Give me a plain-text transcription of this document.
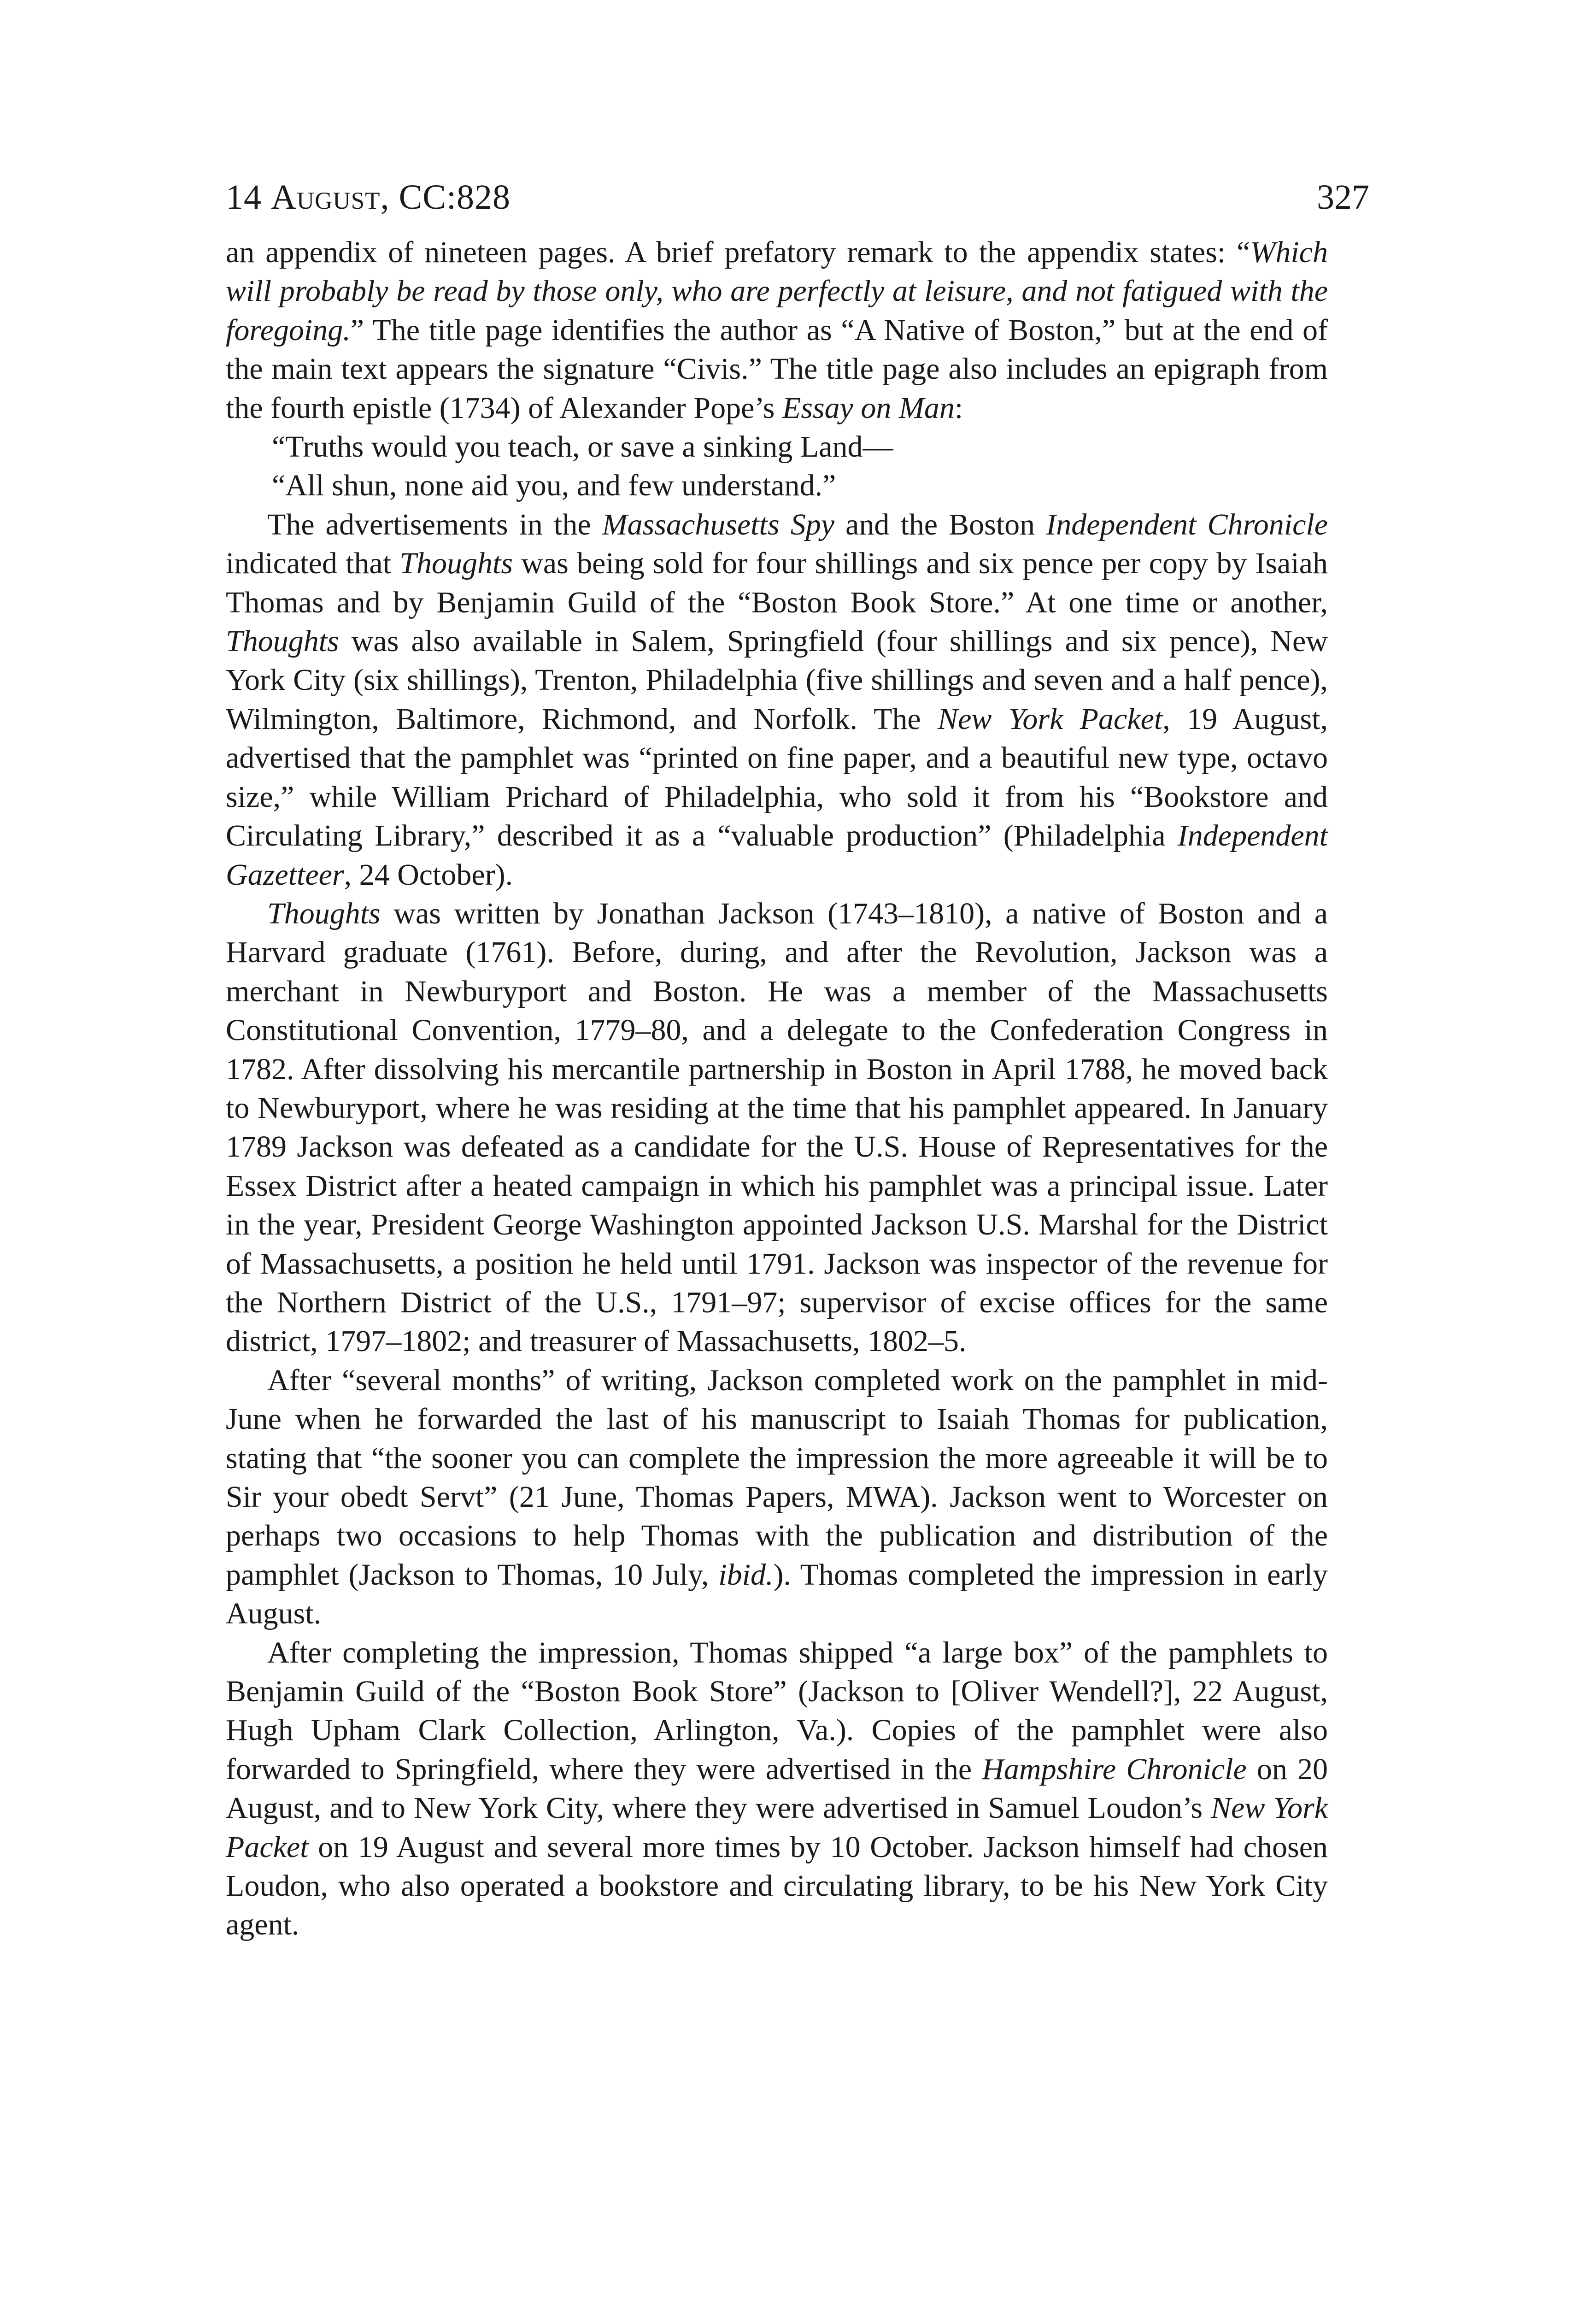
14 August, CC:828	327

an appendix of nineteen pages. A brief prefatory remark to the appendix states: “Which will probably be read by those only, who are perfectly at leisure, and not fatigued with the foregoing.” The title page identifies the author as “A Native of Boston,” but at the end of the main text appears the signature “Civis.” The title page also includes an epigraph from the fourth epistle (1734) of Alexander Pope’s Essay on Man:

“Truths would you teach, or save a sinking Land—
“All shun, none aid you, and few understand.”

The advertisements in the Massachusetts Spy and the Boston Independent Chronicle indicated that Thoughts was being sold for four shillings and six pence per copy by Isaiah Thomas and by Benjamin Guild of the “Boston Book Store.” At one time or another, Thoughts was also available in Salem, Springfield (four shillings and six pence), New York City (six shillings), Trenton, Philadelphia (five shillings and seven and a half pence), Wilmington, Baltimore, Richmond, and Norfolk. The New York Packet, 19 August, advertised that the pamphlet was “printed on fine paper, and a beautiful new type, octavo size,” while William Prichard of Philadelphia, who sold it from his “Bookstore and Circulating Library,” described it as a “valuable production” (Philadelphia Independent Gazetteer, 24 October).

Thoughts was written by Jonathan Jackson (1743–1810), a native of Boston and a Harvard graduate (1761). Before, during, and after the Revolution, Jackson was a merchant in Newburyport and Boston. He was a member of the Massachusetts Constitutional Convention, 1779–80, and a delegate to the Confederation Congress in 1782. After dissolving his mercantile partnership in Boston in April 1788, he moved back to Newburyport, where he was residing at the time that his pamphlet appeared. In January 1789 Jackson was defeated as a candidate for the U.S. House of Representatives for the Essex District after a heated campaign in which his pamphlet was a principal issue. Later in the year, President George Washington appointed Jackson U.S. Marshal for the District of Massachusetts, a position he held until 1791. Jackson was inspector of the revenue for the Northern District of the U.S., 1791–97; supervisor of excise offices for the same district, 1797–1802; and treasurer of Massachusetts, 1802–5.

After “several months” of writing, Jackson completed work on the pamphlet in mid-June when he forwarded the last of his manuscript to Isaiah Thomas for publication, stating that “the sooner you can complete the impression the more agreeable it will be to Sir your obedt Servt” (21 June, Thomas Papers, MWA). Jackson went to Worcester on perhaps two occasions to help Thomas with the publication and distribution of the pamphlet (Jackson to Thomas, 10 July, ibid.). Thomas completed the impression in early August.

After completing the impression, Thomas shipped “a large box” of the pamphlets to Benjamin Guild of the “Boston Book Store” (Jackson to [Oliver Wendell?], 22 August, Hugh Upham Clark Collection, Arlington, Va.). Copies of the pamphlet were also forwarded to Springfield, where they were advertised in the Hampshire Chronicle on 20 August, and to New York City, where they were advertised in Samuel Loudon’s New York Packet on 19 August and several more times by 10 October. Jackson himself had chosen Loudon, who also operated a bookstore and circulating library, to be his New York City agent.
